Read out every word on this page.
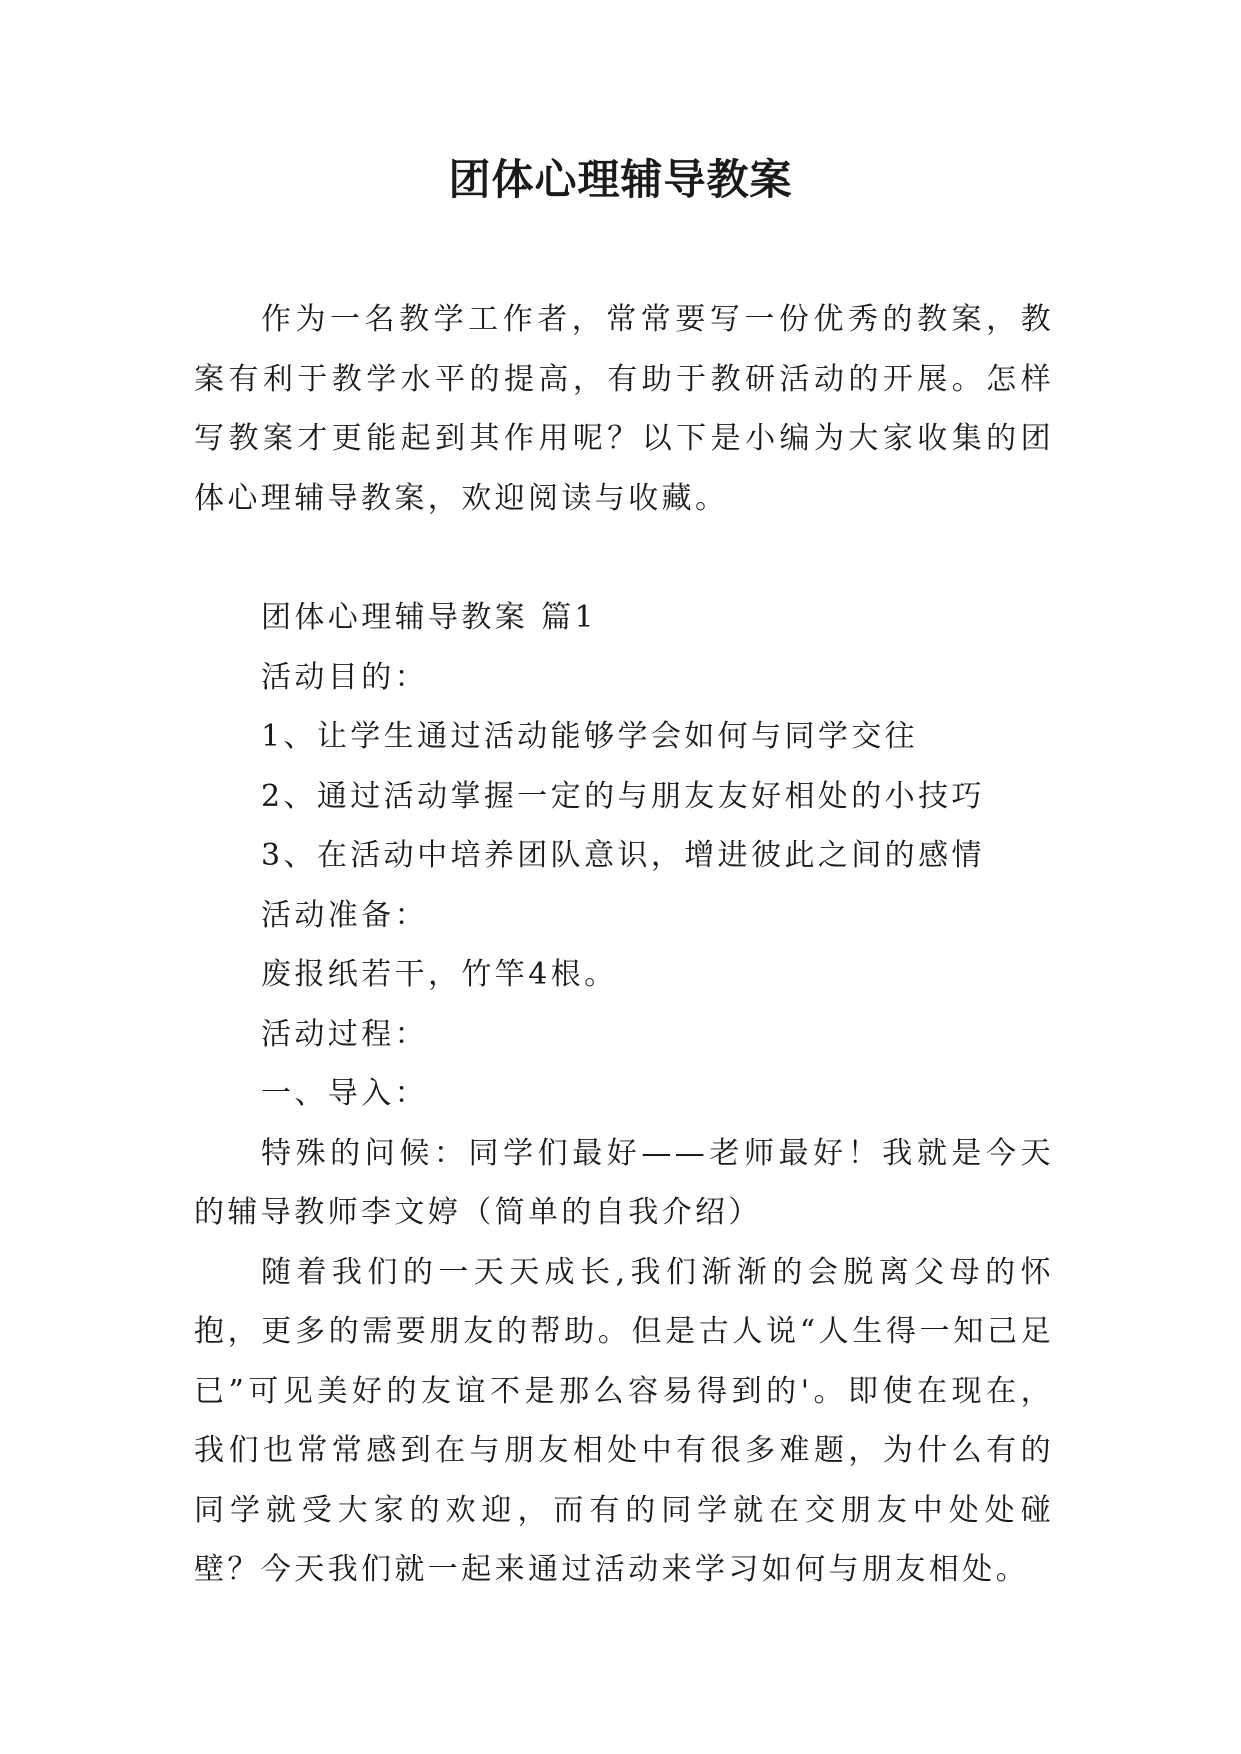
团体心理辅导教案

作为一名教学工作者，常常要写一份优秀的教案，教案有利于教学水平的提高，有助于教研活动的开展。怎样写教案才更能起到其作用呢？以下是小编为大家收集的团体心理辅导教案，欢迎阅读与收藏。

团体心理辅导教案 篇1

活动目的：

1、让学生通过活动能够学会如何与同学交往

2、通过活动掌握一定的与朋友友好相处的小技巧

3、在活动中培养团队意识，增进彼此之间的感情

活动准备：

废报纸若干，竹竿4根。

活动过程：

一、导入：

特殊的问候：同学们最好——老师最好！我就是今天的辅导教师李文婷（简单的自我介绍）

随着我们的一天天成长,我们渐渐的会脱离父母的怀抱，更多的需要朋友的帮助。但是古人说“人生得一知己足已”可见美好的友谊不是那么容易得到的'。即使在现在，我们也常常感到在与朋友相处中有很多难题，为什么有的同学就受大家的欢迎，而有的同学就在交朋友中处处碰壁？今天我们就一起来通过活动来学习如何与朋友相处。
